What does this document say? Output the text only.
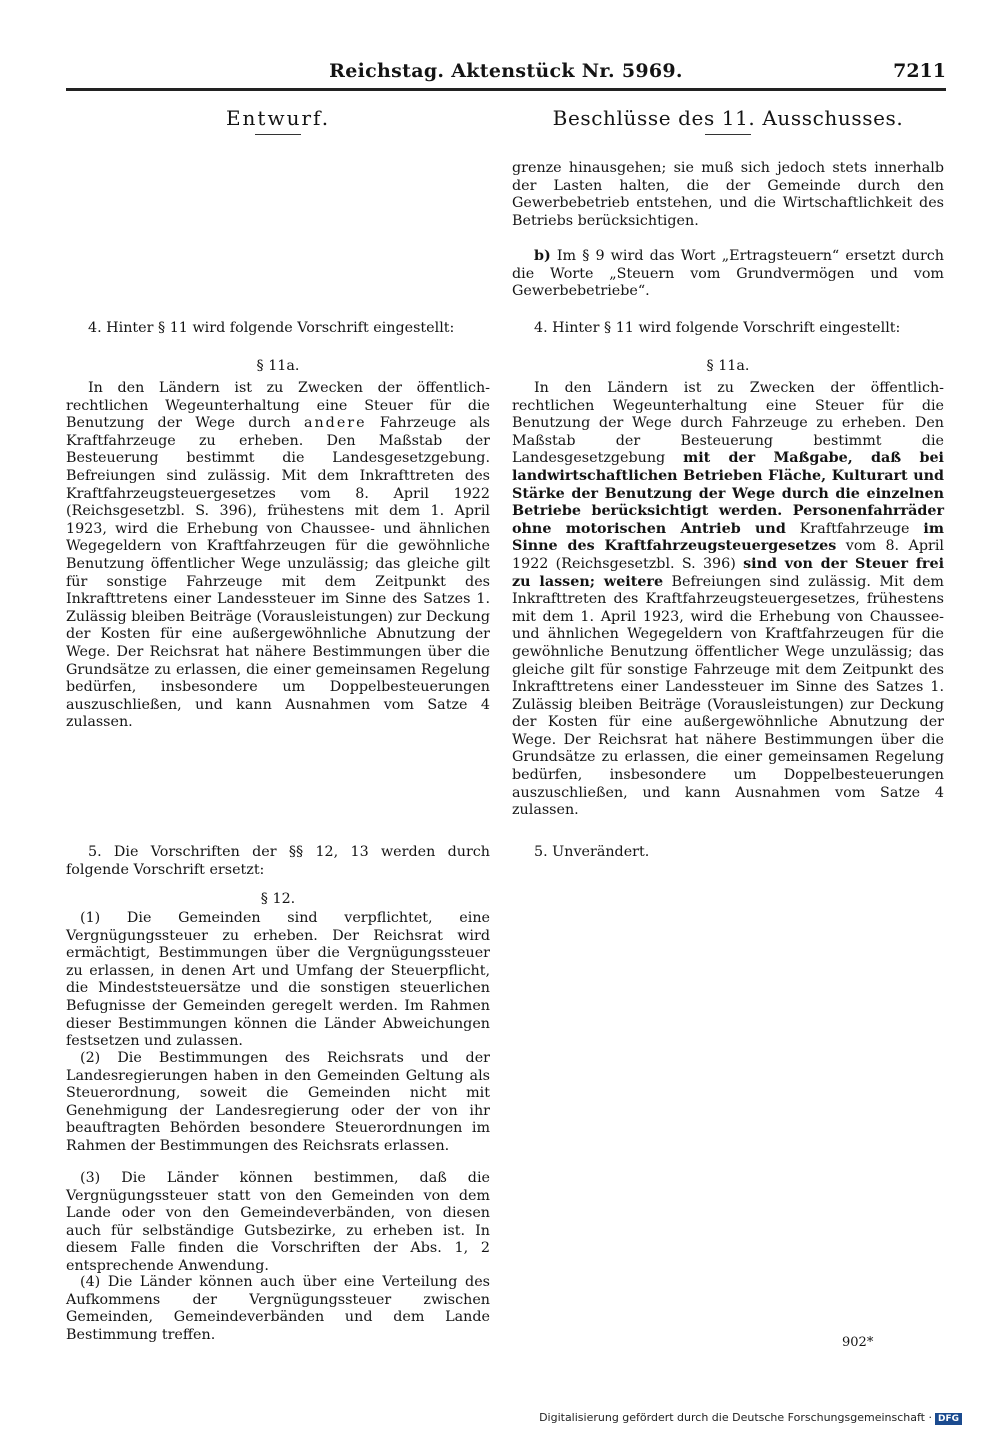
Reichstag. Aktenstück Nr. 5969.	7211
Entwurf.

4. Hinter § 11 wird folgende Vorschrift eingestellt:

§ 11a.

In den Ländern ist zu Zwecken der öffentlich-rechtlichen Wegeunterhaltung eine Steuer für die Benutzung der Wege durch andere Fahrzeuge als Kraftfahrzeuge zu erheben. Den Maßstab der Besteuerung bestimmt die Landesgesetzgebung. Befreiungen sind zulässig. Mit dem Inkrafttreten des Kraftfahrzeugsteuergesetzes vom 8. April 1922 (Reichsgesetzbl. S. 396), frühestens mit dem 1. April 1923, wird die Erhebung von Chaussee- und ähnlichen Wegegeldern von Kraftfahrzeugen für die gewöhnliche Benutzung öffentlicher Wege unzulässig; das gleiche gilt für sonstige Fahrzeuge mit dem Zeitpunkt des Inkrafttretens einer Landessteuer im Sinne des Satzes 1. Zulässig bleiben Beiträge (Vorausleistungen) zur Deckung der Kosten für eine außergewöhnliche Abnutzung der Wege. Der Reichsrat hat nähere Bestimmungen über die Grundsätze zu erlassen, die einer gemeinsamen Regelung bedürfen, insbesondere um Doppelbesteuerungen auszuschließen, und kann Ausnahmen vom Satze 4 zulassen.

5. Die Vorschriften der §§ 12, 13 werden durch folgende Vorschrift ersetzt:

§ 12.

(1) Die Gemeinden sind verpflichtet, eine Vergnügungssteuer zu erheben. Der Reichsrat wird ermächtigt, Bestimmungen über die Vergnügungssteuer zu erlassen, in denen Art und Umfang der Steuerpflicht, die Mindeststeuersätze und die sonstigen steuerlichen Befugnisse der Gemeinden geregelt werden. Im Rahmen dieser Bestimmungen können die Länder Abweichungen festsetzen und zulassen.

(2) Die Bestimmungen des Reichsrats und der Landesregierungen haben in den Gemeinden Geltung als Steuerordnung, soweit die Gemeinden nicht mit Genehmigung der Landesregierung oder der von ihr beauftragten Behörden besondere Steuerordnungen im Rahmen der Bestimmungen des Reichsrats erlassen.

(3) Die Länder können bestimmen, daß die Vergnügungssteuer statt von den Gemeinden von dem Lande oder von den Gemeindeverbänden, von diesen auch für selbständige Gutsbezirke, zu erheben ist. In diesem Falle finden die Vorschriften der Abs. 1, 2 entsprechende Anwendung.

(4) Die Länder können auch über eine Verteilung des Aufkommens der Vergnügungssteuer zwischen Gemeinden, Gemeindeverbänden und dem Lande Bestimmung treffen.

Beschlüsse des 11. Ausschusses.

grenze hinausgehen; sie muß sich jedoch stets innerhalb der Lasten halten, die der Gemeinde durch den Gewerbebetrieb entstehen, und die Wirtschaftlichkeit des Betriebs berücksichtigen.

b) Im § 9 wird das Wort „Ertragsteuern“ ersetzt durch die Worte „Steuern vom Grundvermögen und vom Gewerbebetriebe“.

4. Hinter § 11 wird folgende Vorschrift eingestellt:

§ 11a.

In den Ländern ist zu Zwecken der öffentlich-rechtlichen Wegeunterhaltung eine Steuer für die Benutzung der Wege durch Fahrzeuge zu erheben. Den Maßstab der Besteuerung bestimmt die Landesgesetzgebung mit der Maßgabe, daß bei landwirtschaftlichen Betrieben Fläche, Kulturart und Stärke der Benutzung der Wege durch die einzelnen Betriebe berücksichtigt werden. Personenfahrräder ohne motorischen Antrieb und Kraftfahrzeuge im Sinne des Kraftfahrzeugsteuergesetzes vom 8. April 1922 (Reichsgesetzbl. S. 396) sind von der Steuer frei zu lassen; weitere Befreiungen sind zulässig. Mit dem Inkrafttreten des Kraftfahrzeugsteuergesetzes, frühestens mit dem 1. April 1923, wird die Erhebung von Chaussee- und ähnlichen Wegegeldern von Kraftfahrzeugen für die gewöhnliche Benutzung öffentlicher Wege unzulässig; das gleiche gilt für sonstige Fahrzeuge mit dem Zeitpunkt des Inkrafttretens einer Landessteuer im Sinne des Satzes 1. Zulässig bleiben Beiträge (Vorausleistungen) zur Deckung der Kosten für eine außergewöhnliche Abnutzung der Wege. Der Reichsrat hat nähere Bestimmungen über die Grundsätze zu erlassen, die einer gemeinsamen Regelung bedürfen, insbesondere um Doppelbesteuerungen auszuschließen, und kann Ausnahmen vom Satze 4 zulassen.

5. Unverändert.

902*
Digitalisierung gefördert durch die Deutsche Forschungsgemeinschaft · DFG
